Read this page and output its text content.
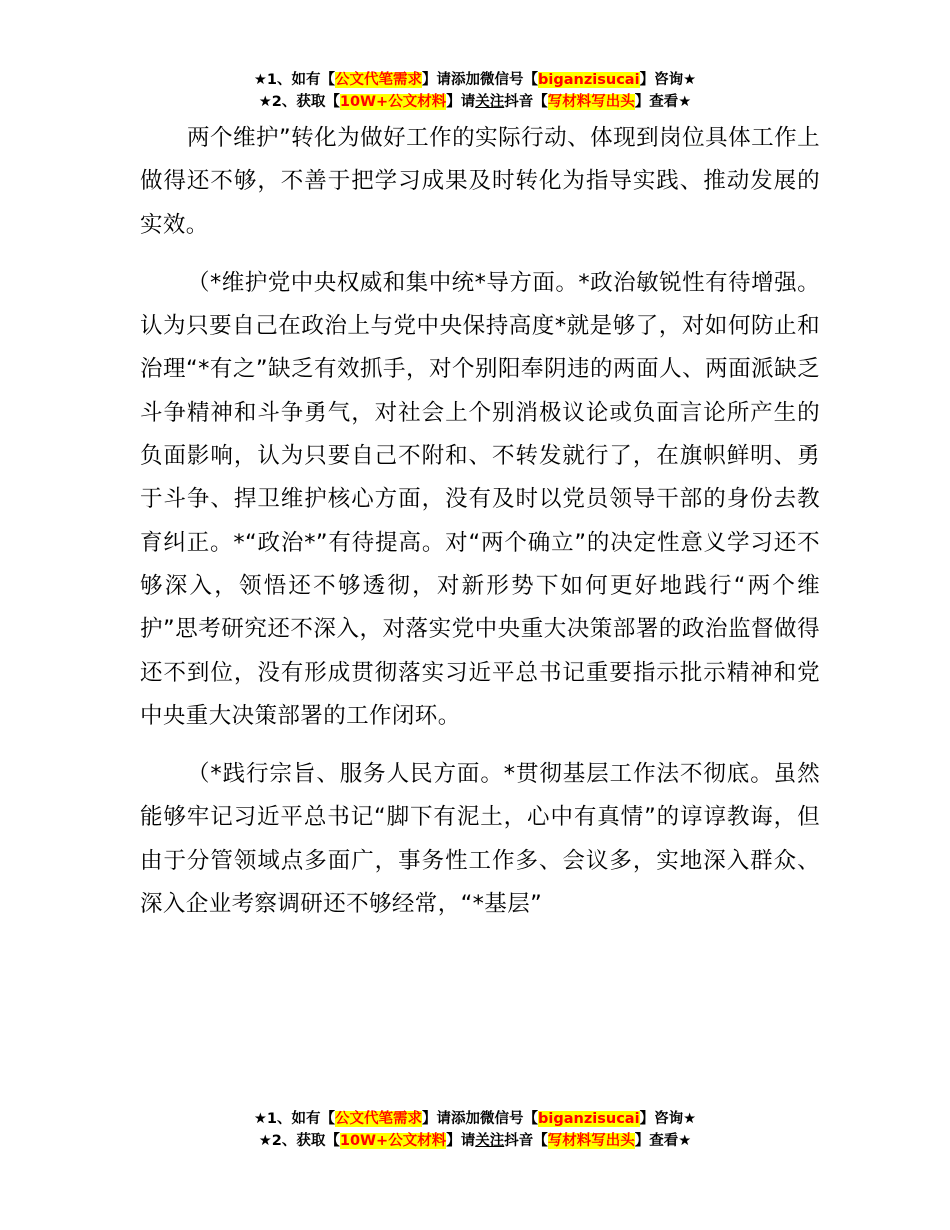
★1、如有【公文代笔需求】请添加微信号【biganzisucai】咨询★
★2、获取【10W+公文材料】请关注抖音【写材料写出头】查看★

两个维护”转化为做好工作的实际行动、体现到岗位具体工作上做得还不够，不善于把学习成果及时转化为指导实践、推动发展的实效。

（*维护党中央权威和集中统*导方面。*政治敏锐性有待增强。认为只要自己在政治上与党中央保持高度*就是够了，对如何防止和治理“*有之”缺乏有效抓手，对个别阳奉阴违的两面人、两面派缺乏斗争精神和斗争勇气，对社会上个别消极议论或负面言论所产生的负面影响，认为只要自己不附和、不转发就行了，在旗帜鲜明、勇于斗争、捍卫维护核心方面，没有及时以党员领导干部的身份去教育纠正。*“政治*”有待提高。对“两个确立”的决定性意义学习还不够深入，领悟还不够透彻，对新形势下如何更好地践行“两个维护”思考研究还不深入，对落实党中央重大决策部署的政治监督做得还不到位，没有形成贯彻落实习近平总书记重要指示批示精神和党中央重大决策部署的工作闭环。

（*践行宗旨、服务人民方面。*贯彻基层工作法不彻底。虽然能够牢记习近平总书记“脚下有泥土，心中有真情”的谆谆教诲，但由于分管领域点多面广，事务性工作多、会议多，实地深入群众、深入企业考察调研还不够经常，“*基层”

★1、如有【公文代笔需求】请添加微信号【biganzisucai】咨询★
★2、获取【10W+公文材料】请关注抖音【写材料写出头】查看★
